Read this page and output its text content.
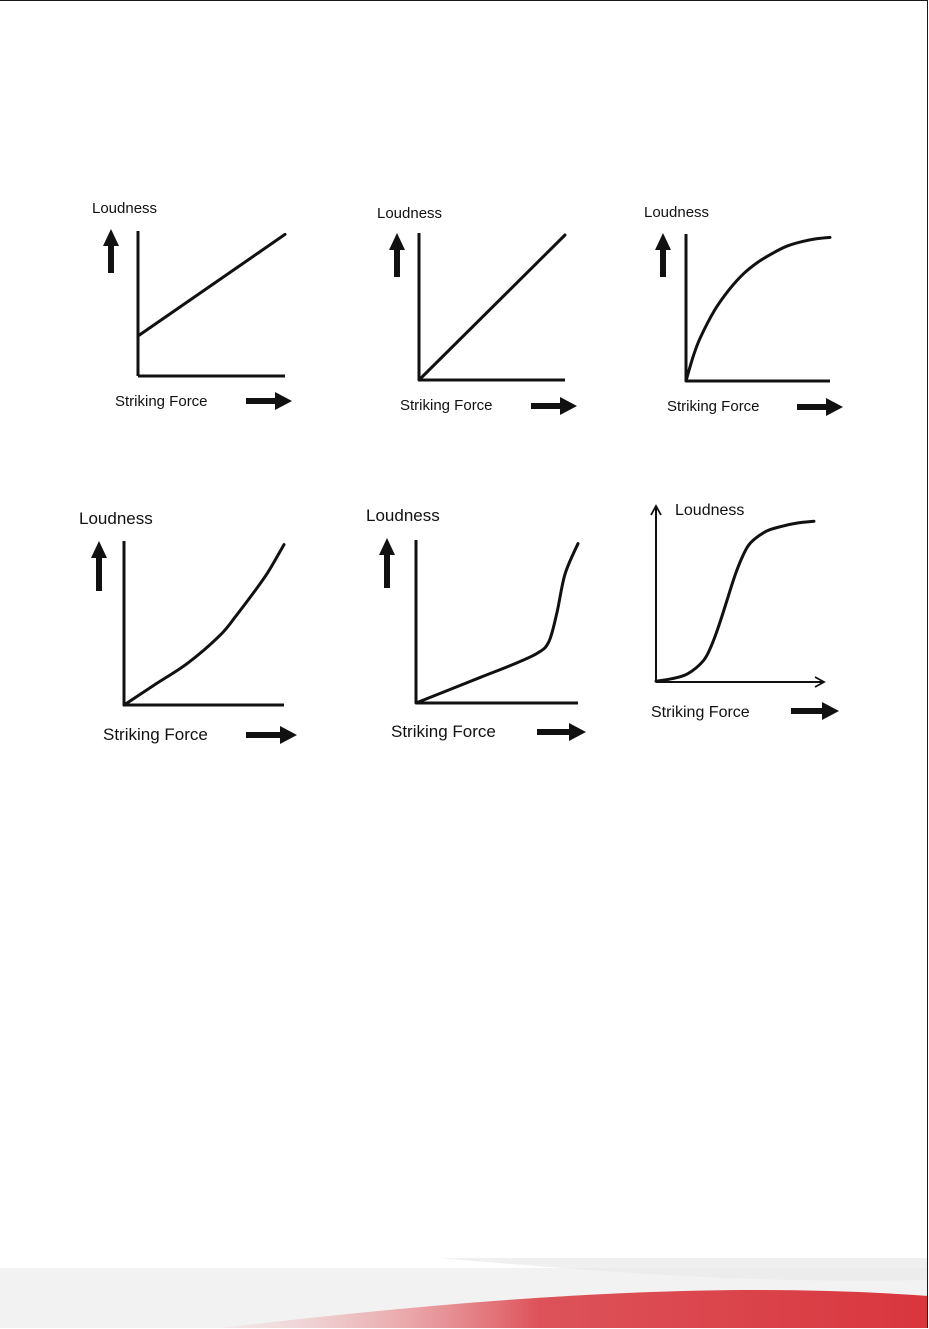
Loudness
Striking Force
Loudness
Striking Force
Loudness
Striking Force
Loudness
Striking Force
Loudness
Striking Force
Loudness
Striking Force
